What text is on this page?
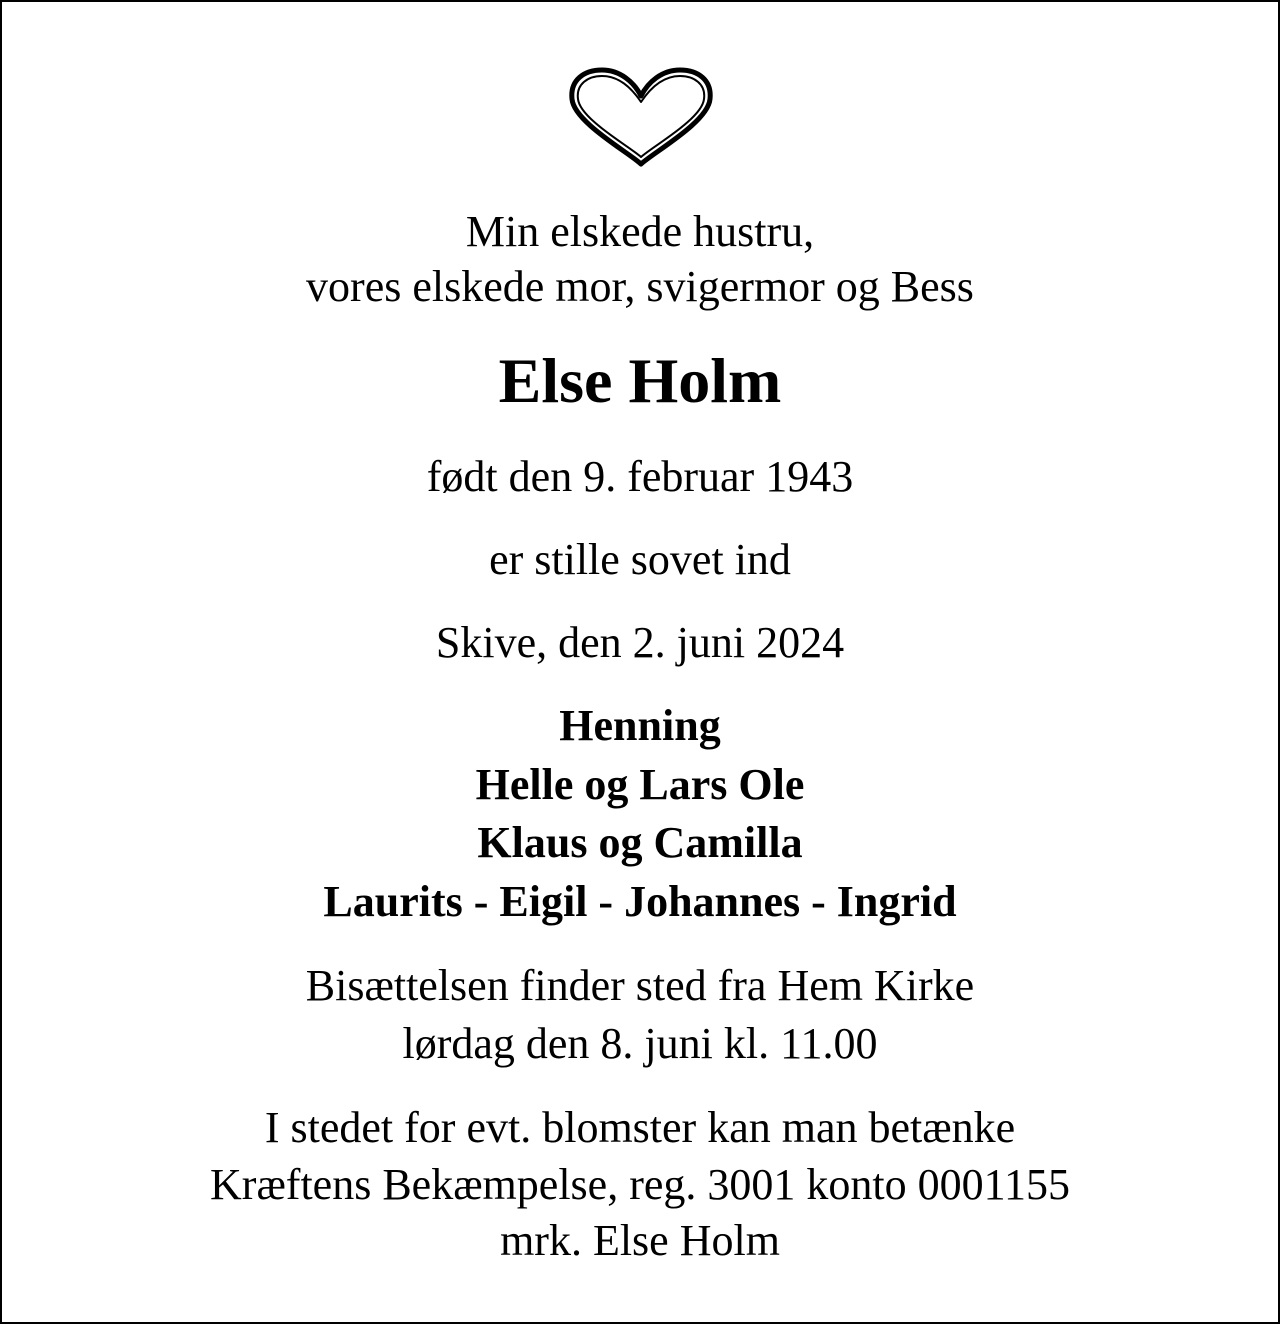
Min elskede hustru,
vores elskede mor, svigermor og Bess
Else Holm
født den 9. februar 1943
er stille sovet ind
Skive, den 2. juni 2024
Henning
Helle og Lars Ole
Klaus og Camilla
Laurits - Eigil - Johannes - Ingrid
Bisættelsen finder sted fra Hem Kirke
lørdag den 8. juni kl. 11.00
I stedet for evt. blomster kan man betænke
Kræftens Bekæmpelse, reg. 3001 konto 0001155
mrk. Else Holm
